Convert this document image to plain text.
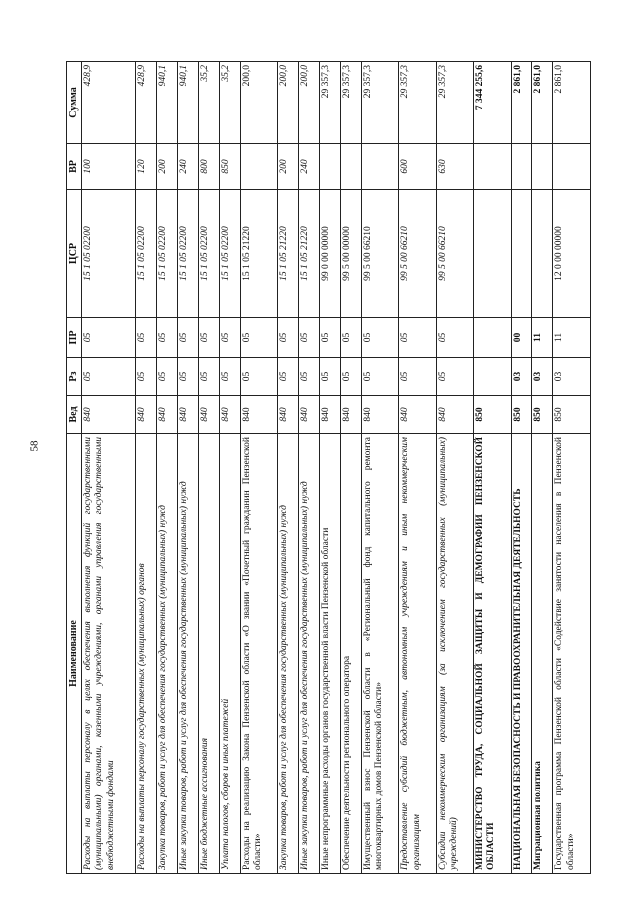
58
Наименование	Вед	Рз	ПР	ЦСР	ВР	Сумма
Расходы на выплаты персоналу в целях обеспечения выполнения функций государственными (муниципальными) органами, казенными учреждениями, органами управления государственными внебюджетными фондами	840	05	05	15 1 05 02200	100	428,9
Расходы на выплаты персоналу государственных (муниципальных) органов	840	05	05	15 1 05 02200	120	428,9
Закупка товаров, работ и услуг для обеспечения государственных (муниципальных) нужд	840	05	05	15 1 05 02200	200	940,1
Иные закупки товаров, работ и услуг для обеспечения государственных (муниципальных) нужд	840	05	05	15 1 05 02200	240	940,1
Иные бюджетные ассигнования	840	05	05	15 1 05 02200	800	35,2
Уплата налогов, сборов и иных платежей	840	05	05	15 1 05 02200	850	35,2
Расходы на реализацию Закона Пензенской области «О звании «Почетный гражданин Пензенской области»	840	05	05	15 1 05 21220		200,0
Закупка товаров, работ и услуг для обеспечения государственных (муниципальных) нужд	840	05	05	15 1 05 21220	200	200,0
Иные закупки товаров, работ и услуг для обеспечения государственных (муниципальных) нужд	840	05	05	15 1 05 21220	240	200,0
Иные непрограммные расходы органов государственной власти Пензенской области	840	05	05	99 0 00 00000		29 357,3
Обеспечение деятельности регионального оператора	840	05	05	99 5 00 00000		29 357,3
Имущественный взнос Пензенской области в «Региональный фонд капитального ремонта многоквартирных домов Пензенской области»	840	05	05	99 5 00 66210		29 357,3
Предоставление субсидий бюджетным, автономным учреждениям и иным некоммерческим организациям	840	05	05	99 5 00 66210	600	29 357,3
Субсидии некоммерческим организациям (за исключением государственных (муниципальных) учреждений)	840	05	05	99 5 00 66210	630	29 357,3
МИНИСТЕРСТВО ТРУДА, СОЦИАЛЬНОЙ ЗАЩИТЫ И ДЕМОГРАФИИ ПЕНЗЕНСКОЙ ОБЛАСТИ	850					7 344 255,6
НАЦИОНАЛЬНАЯ БЕЗОПАСНОСТЬ И ПРАВООХРАНИТЕЛЬНАЯ ДЕЯТЕЛЬНОСТЬ	850	03	00			2 861,0
Миграционная политика	850	03	11			2 861,0
Государственная программа Пензенской области «Содействие занятости населения в Пензенской области»	850	03	11	12 0 00 00000		2 861,0
